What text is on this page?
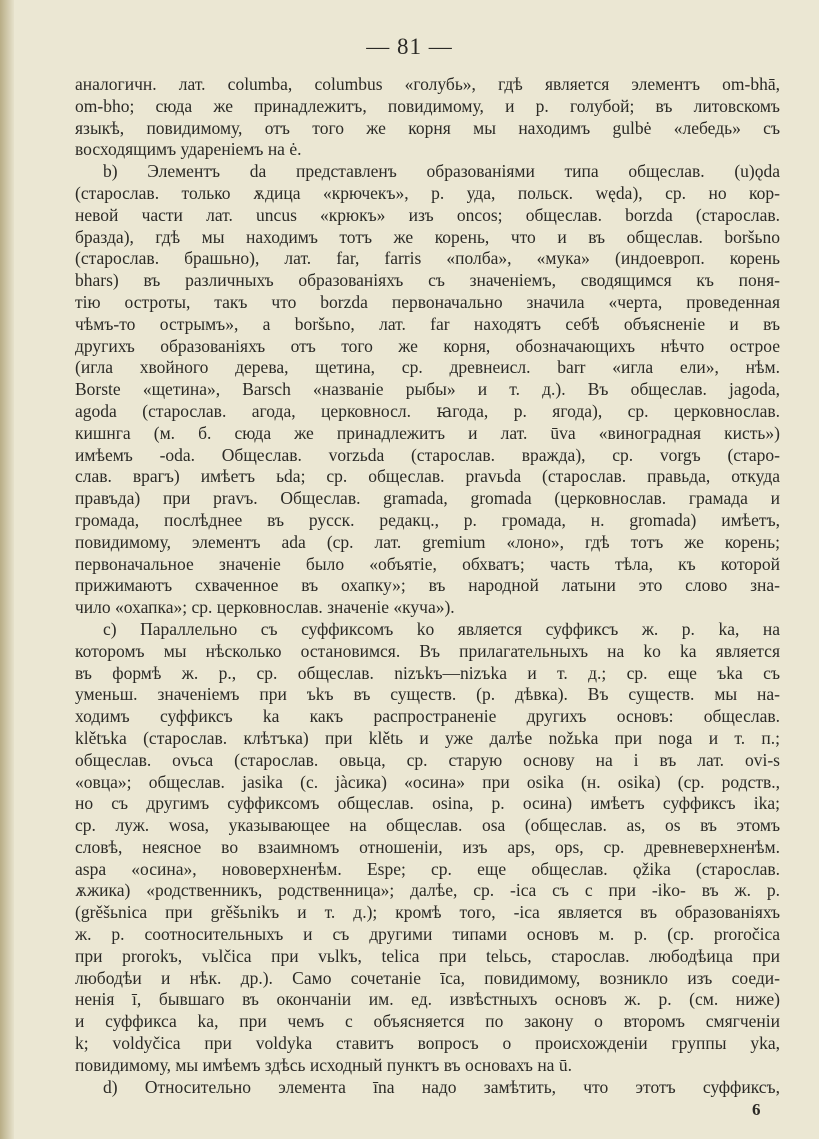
— 81 —
аналогичн. лат. columba, columbus «голубь», гдѣ является элементъ om-bhā,
om-bho; сюда же принадлежитъ, повидимому, и р. голубой; въ литовскомъ
языкѣ, повидимому, отъ того же корня мы находимъ gulbė «лебедь» съ
восходящимъ удареніемъ на ė.
b) Элементъ da представленъ образованіями типа общеслав. (u)ǫda
(старослав. только ѫдица «крючекъ», р. уда, польск. węda), ср. но кор-
невой части лат. uncus «крюкъ» изъ oncos; общеслав. borzda (старослав.
бразда), гдѣ мы находимъ тотъ же корень, что и въ общеслав. boršьno
(старослав. брашьно), лат. far, farris «полба», «мука» (индоевроп. корень
bhars) въ различныхъ образованіяхъ съ значеніемъ, сводящимся къ поня-
тію остроты, такъ что borzda первоначально значила «черта, проведенная
чѣмъ-то острымъ», а boršьno, лат. far находятъ себѣ объясненіе и въ
другихъ образованіяхъ отъ того же корня, обозначающихъ нѣчто острое
(игла хвойного дерева, щетина, ср. древнеисл. barr «игла ели», нѣм.
Borste «щетина», Barsch «названіе рыбы» и т. д.). Въ общеслав. jagoda,
agoda (старослав. агода, церковносл. ꙗгода, р. ягода), ср. церковнослав.
кишнга (м. б. сюда же принадлежитъ и лат. ūva «виноградная кисть»)
имѣемъ -oda. Общеслав. vorzьda (старослав. враждa), ср. vorgъ (старо-
слав. врагъ) имѣетъ ьda; ср. общеслав. pravьda (старослав. правьда, откуда
правъда) при pravъ. Общеслав. gramada, gromada (церковнослав. грамада и
громада, послѣднее въ русск. редакц., р. громада, н. gromada) имѣетъ,
повидимому, элементъ ada (ср. лат. gremium «лоно», гдѣ тотъ же корень;
первоначальное значеніе было «объятіе, обхватъ; часть тѣла, къ которой
прижимаютъ схваченное въ охапку»; въ народной латыни это слово зна-
чило «охапка»; ср. церковнослав. значеніе «куча»).
c) Параллельно съ суффиксомъ ko является суффиксъ ж. р. ka, на
которомъ мы нѣсколько остановимся. Въ прилагательныхъ на ko ka является
въ формѣ ж. р., ср. общеслав. nizъkъ—nizъka и т. д.; ср. еще ъka съ
уменьш. значеніемъ при ъkъ въ существ. (р. дѣвка). Въ существ. мы на-
ходимъ суффиксъ ka какъ распространеніе другихъ основъ: общеслав.
klětъka (старослав. клѣтъка) при klětь и уже далѣе nožьka при noga и т. п.;
общеслав. ovьca (старослав. овьца, ср. старую основу на i въ лат. ovi-s
«овца»; общеслав. jasika (с. jàсика) «осина» при osika (н. osika) (ср. родств.,
но съ другимъ суффиксомъ общеслав. osina, р. осина) имѣетъ суффиксъ ika;
ср. луж. wosa, указывающее на общеслав. osa (общеслав. as, os въ этомъ
словѣ, неясное во взаимномъ отношеніи, изъ aps, ops, ср. древневерхненѣм.
aspa «осина», нововерхненѣм. Espe; ср. еще общеслав. ǫžika (старослав.
ѫжика) «родственникъ, родственница»; далѣе, ср. -ica съ c при -iko- въ ж. р.
(grěšьnica при grěšьnikъ и т. д.); кромѣ того, -ica является въ образованіяхъ
ж. р. соотносительныхъ и съ другими типами основъ м. р. (ср. proročica
при prorokъ, vьlčica при vьlkъ, telica при telьcь, старослав. любодѣица при
любодѣи и нѣк. др.). Само сочетаніе īca, повидимому, возникло изъ соеди-
ненія ī, бывшаго въ окончаніи им. ед. извѣстныхъ основъ ж. р. (см. ниже)
и суффикса ka, при чемъ c объясняется по закону о второмъ смягченіи
k; voldyčica при voldyka ставитъ вопросъ о происхожденіи группы yka,
повидимому, мы имѣемъ здѣсь исходный пунктъ въ основахъ на ū.
d) Относительно элемента īna надо замѣтить, что этотъ суффиксъ,
6
